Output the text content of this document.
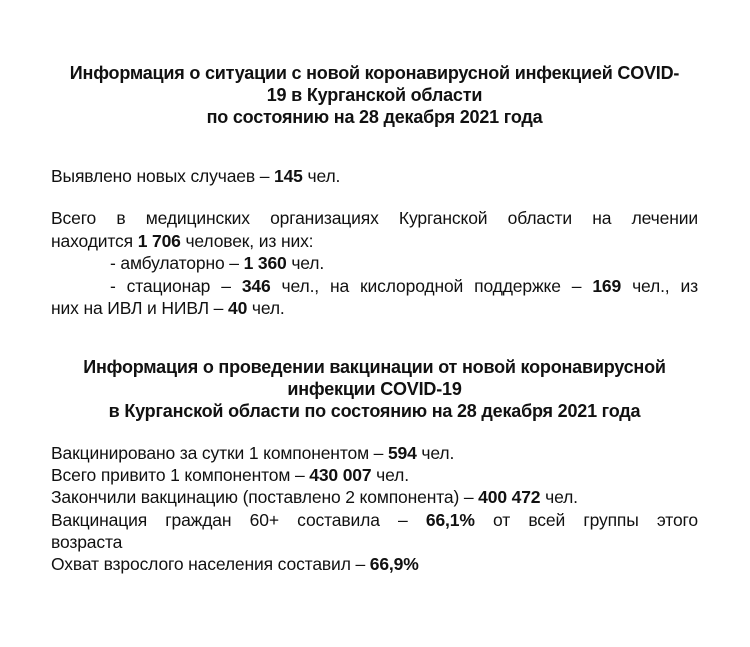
Информация о ситуации с новой коронавирусной инфекцией COVID-
19 в Курганской области
по состоянию на 28 декабря 2021 года
Выявлено новых случаев – 145 чел.
Всего в медицинских организациях Курганской области на лечении
находится 1 706 человек, из них:
- амбулаторно – 1 360 чел.
- стационар – 346 чел., на кислородной поддержке – 169 чел., из
них на ИВЛ и НИВЛ – 40 чел.
Информация о проведении вакцинации от новой коронавирусной
инфекции COVID-19
в Курганской области по состоянию на 28 декабря 2021 года
Вакцинировано за сутки 1 компонентом – 594 чел.
Всего привито 1 компонентом – 430 007 чел.
Закончили вакцинацию (поставлено 2 компонента) – 400 472 чел.
Вакцинация граждан 60+ составила – 66,1% от всей группы этого
возраста
Охват взрослого населения составил – 66,9%
